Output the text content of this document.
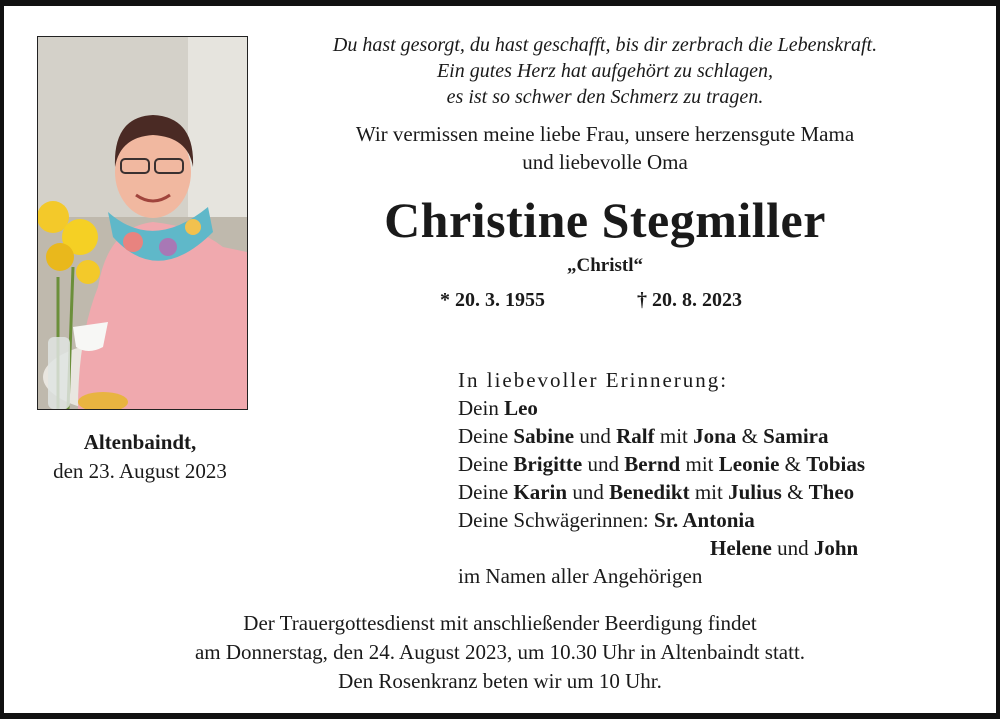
Altenbaindt,
den 23. August 2023
Du hast gesorgt, du hast geschafft, bis dir zerbrach die Lebenskraft.
Ein gutes Herz hat aufgehört zu schlagen,
es ist so schwer den Schmerz zu tragen.
Wir vermissen meine liebe Frau, unsere herzensgute Mama
und liebevolle Oma
Christine Stegmiller
„Christl“
* 20. 3. 1955	† 20. 8. 2023
In liebevoller Erinnerung:
Dein Leo
Deine Sabine und Ralf mit Jona & Samira
Deine Brigitte und Bernd mit Leonie & Tobias
Deine Karin und Benedikt mit Julius & Theo
Deine Schwägerinnen: Sr. Antonia
Helene und John
im Namen aller Angehörigen
Der Trauergottesdienst mit anschließender Beerdigung findet
am Donnerstag, den 24. August 2023, um 10.30 Uhr in Altenbaindt statt.
Den Rosenkranz beten wir um 10 Uhr.
